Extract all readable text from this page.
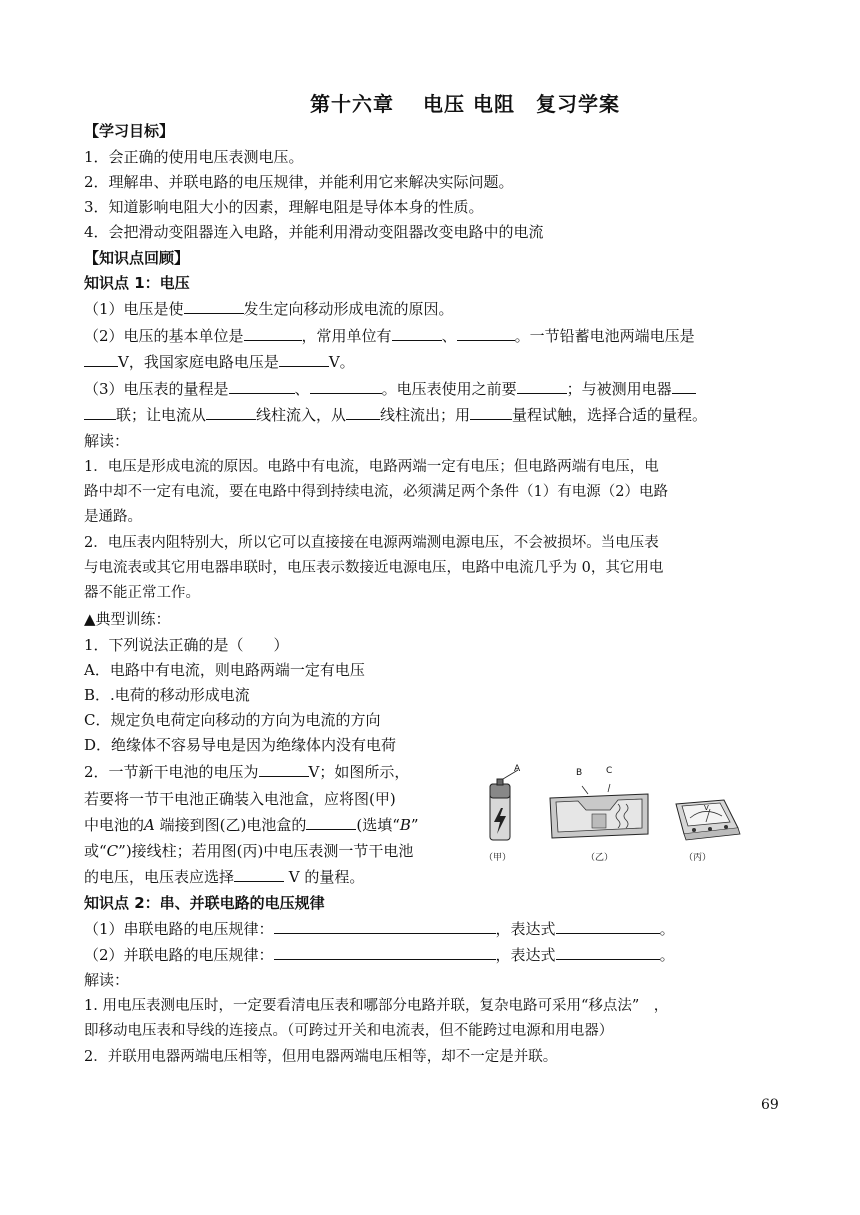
第十六章　 电压 电阻　复习学案
【学习目标】
1．会正确的使用电压表测电压。
2．理解串、并联电路的电压规律，并能利用它来解决实际问题。
3．知道影响电阻大小的因素，理解电阻是导体本身的性质。
4．会把滑动变阻器连入电路，并能利用滑动变阻器改变电路中的电流
【知识点回顾】
知识点 1：电压
（1）电压是使	发生定向移动形成电流的原因。
（2）电压的基本单位是	，常用单位有	、	。一节铅蓄电池两端电压是
V，我国家庭电路电压是	V。
（3）电压表的量程是	、	。电压表使用之前要	；与被测用电器
联；让电流从	线柱流入，从 线柱流出；用	量程试触，选择合适的量程。
解读：
1．电压是形成电流的原因。电路中有电流，电路两端一定有电压；但电路两端有电压，电
路中却不一定有电流，要在电路中得到持续电流，必须满足两个条件（1）有电源（2）电路
是通路。
2．电压表内阻特别大，所以它可以直接接在电源两端测电源电压，不会被损坏。当电压表
与电流表或其它用电器串联时，电压表示数接近电源电压，电路中电流几乎为 0，其它用电
器不能正常工作。
▲典型训练：
1．下列说法正确的是（　　）
A．电路中有电流，则电路两端一定有电压
B．.电荷的移动形成电流
C．规定负电荷定向移动的方向为电流的方向
D．绝缘体不容易导电是因为绝缘体内没有电荷
2．一节新干电池的电压为	V；如图所示，
若要将一节干电池正确装入电池盒，应将图(甲)
中电池的A 端接到图(乙)电池盒的	(选填“B”
或“C”)接线柱；若用图(丙)中电压表测一节干电池
的电压，电压表应选择	V 的量程。
A	B	C
V
（甲）	（乙）	（丙）
知识点 2：串、并联电路的电压规律
（1）串联电路的电压规律：	，表达式	。
（2）并联电路的电压规律：	，表达式	。
解读：
1. 用电压表测电压时，一定要看清电压表和哪部分电路并联，复杂电路可采用“移点法”　，
即移动电压表和导线的连接点。（可跨过开关和电流表，但不能跨过电源和用电器）
2．并联用电器两端电压相等，但用电器两端电压相等，却不一定是并联。
69
